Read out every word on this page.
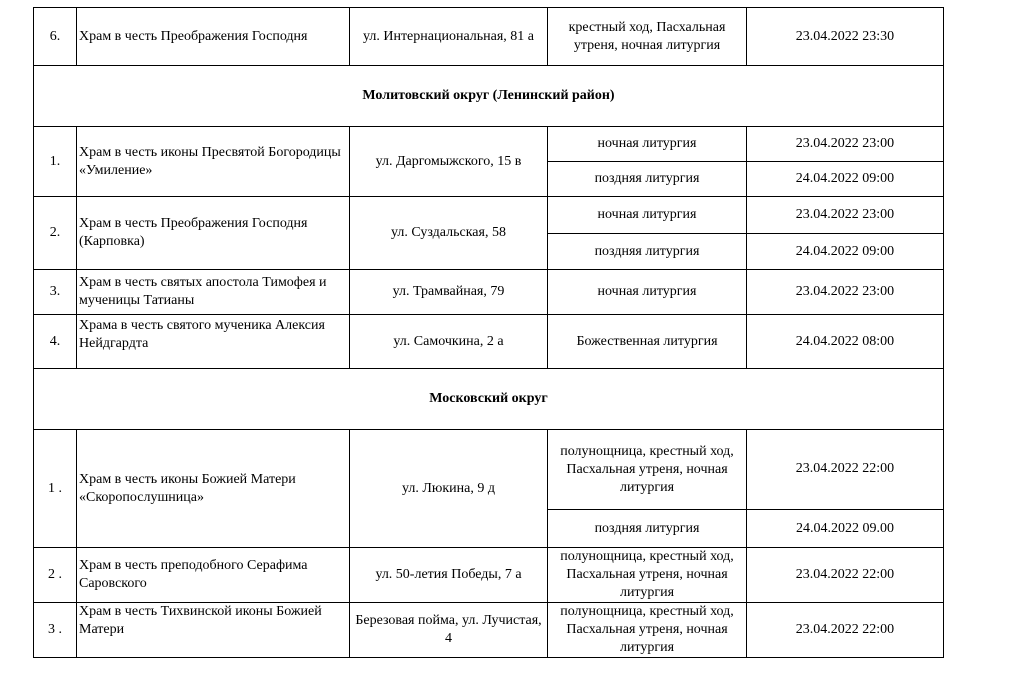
6.	Храм в честь Преображения Господня	ул. Интернациональная, 81 а	крестный ход, Пасхальная утреня, ночная литургия	23.04.2022 23:30
Молитовский округ (Ленинский район)				
1.	Храм в честь иконы Пресвятой Богородицы «Умиление»	ул. Даргомыжского, 15 в	ночная литургия	23.04.2022 23:00
			поздняя литургия	24.04.2022 09:00
2.	Храм в честь Преображения Господня (Карповка)	ул. Суздальская, 58	ночная литургия	23.04.2022 23:00
			поздняя литургия	24.04.2022 09:00
3.	Храм в честь святых апостола Тимофея и мученицы Татианы	ул. Трамвайная, 79	ночная литургия	23.04.2022 23:00
4.	Храма в честь святого мученика Алексия Нейдгардта	ул. Самочкина, 2 а	Божественная литургия	24.04.2022 08:00
Московский округ				
1 .	Храм в честь иконы Божией Матери «Скоропослушница»	ул. Люкина, 9 д	полунощница, крестный ход, Пасхальная утреня, ночная литургия	23.04.2022 22:00
			поздняя литургия	24.04.2022 09.00
2 .	Храм в честь преподобного Серафима Саровского	ул. 50-летия Победы, 7 а	полунощница, крестный ход, Пасхальная утреня, ночная литургия	23.04.2022 22:00
3 .	Храм в честь Тихвинской иконы Божией Матери	Березовая пойма, ул. Лучистая, 4	полунощница, крестный ход, Пасхальная утреня, ночная литургия	23.04.2022 22:00
